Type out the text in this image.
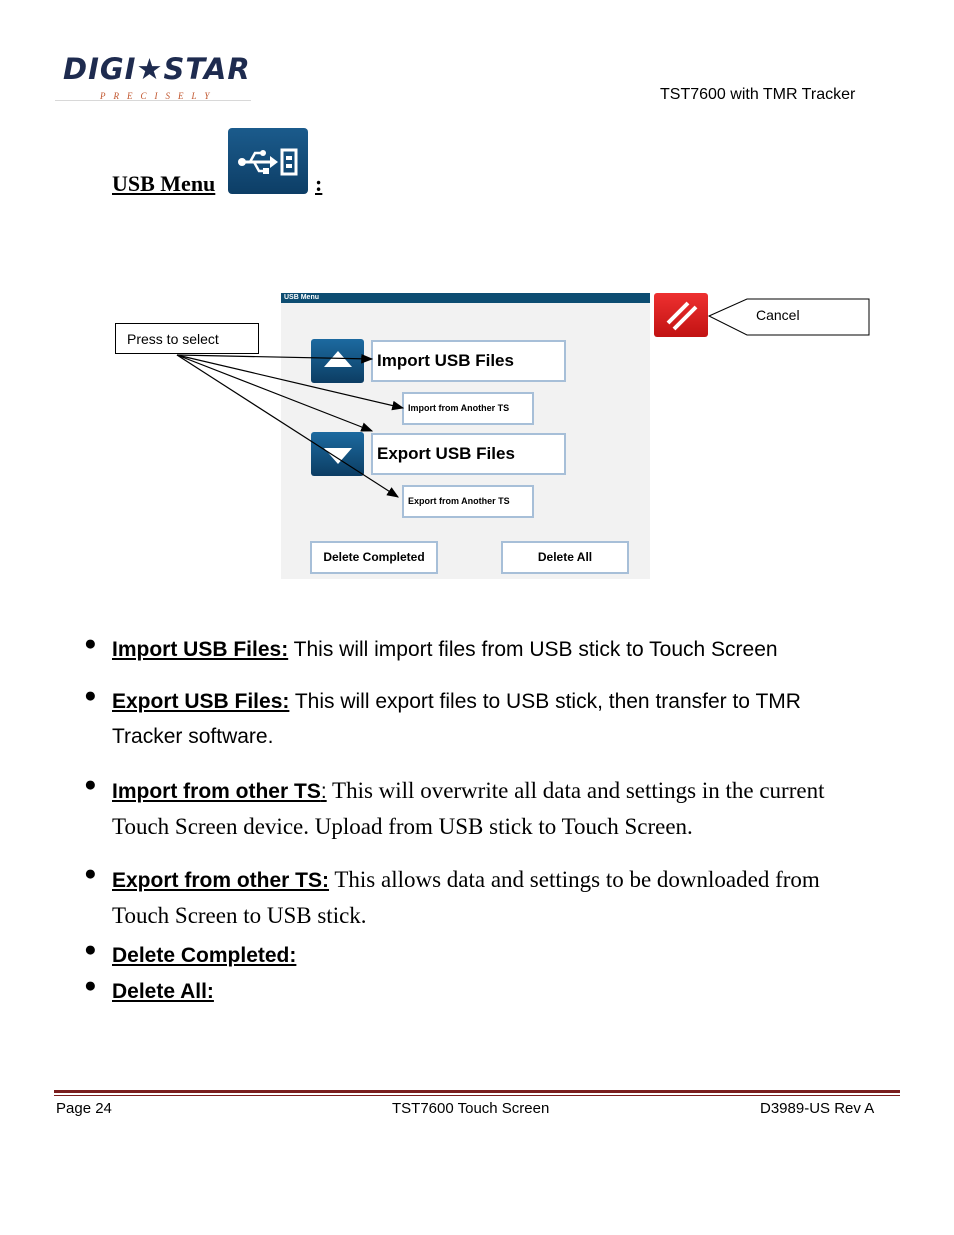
DIGI★STAR
PRECISELY	TST7600 with TMR Tracker
USB Menu	:
USB Menu
Import USB Files
Import from Another TS
Export USB Files
Export from Another TS
Delete Completed	Delete All
Press to select
Cancel
● Import USB Files: This will import files from USB stick to Touch Screen
● Export USB Files: This will export files to USB stick, then transfer to TMR Tracker software.
● Import from other TS: This will overwrite all data and settings in the current Touch Screen device. Upload from USB stick to Touch Screen.
● Export from other TS: This allows data and settings to be downloaded from Touch Screen to USB stick.
● Delete Completed:
● Delete All:
Page 24	TST7600 Touch Screen	D3989-US Rev A
